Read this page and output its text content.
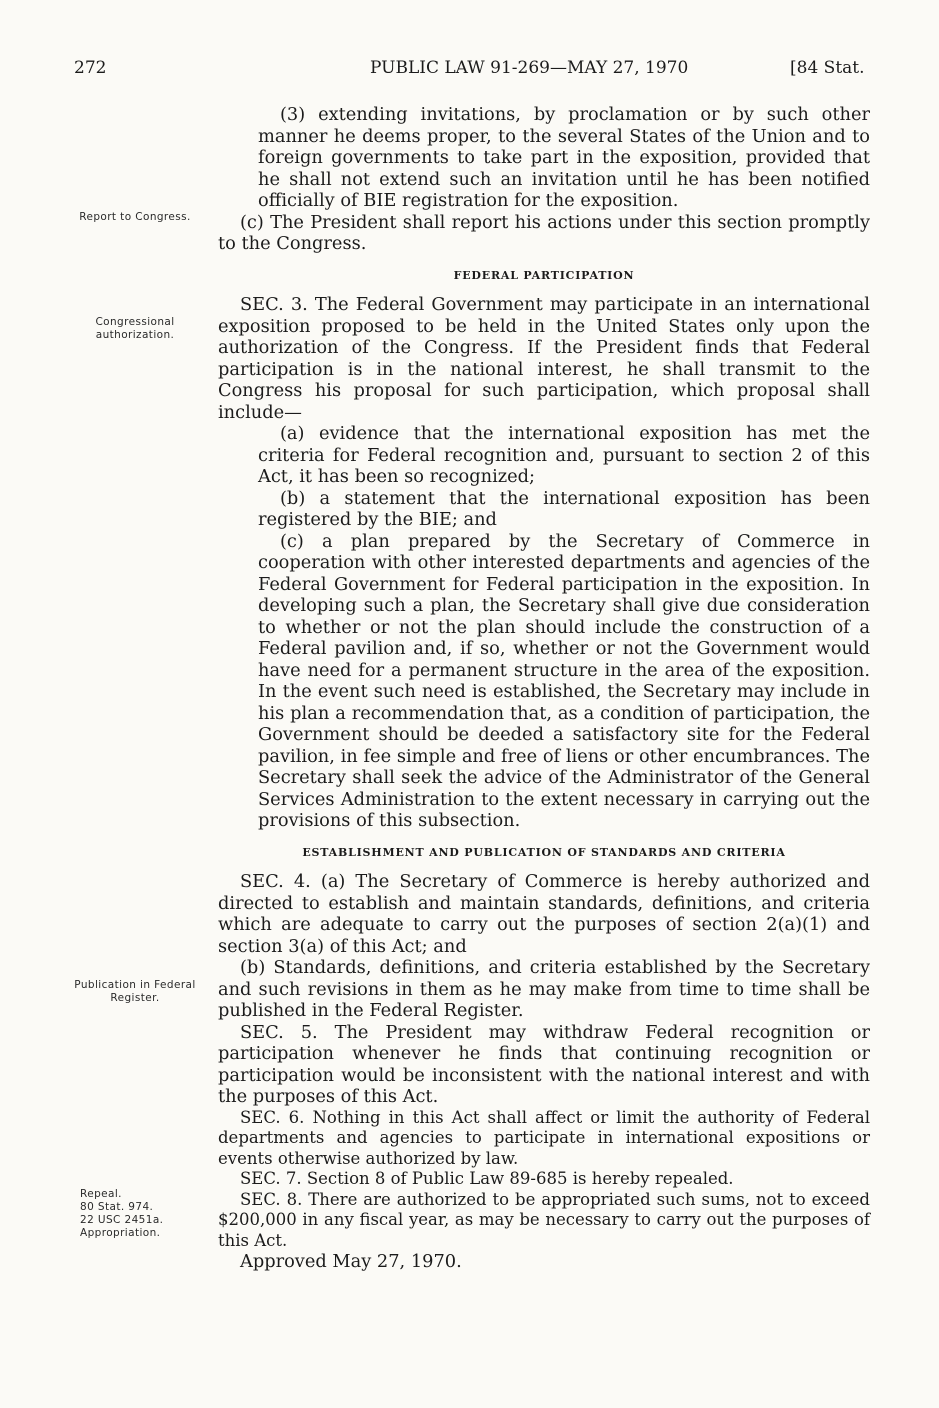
272	PUBLIC LAW 91-269—MAY 27, 1970	[84 Stat.
Report to Congress.
Congressional authorization.
Publication in Federal Register.
Repeal.
80 Stat. 974.
22 USC 2451a.
Appropriation.

(3) extending invitations, by proclamation or by such other manner he deems proper, to the several States of the Union and to foreign governments to take part in the exposition, provided that he shall not extend such an invitation until he has been notified officially of BIE registration for the exposition.

(c) The President shall report his actions under this section promptly to the Congress.

FEDERAL PARTICIPATION

SEC. 3. The Federal Government may participate in an international exposition proposed to be held in the United States only upon the authorization of the Congress. If the President finds that Federal participation is in the national interest, he shall transmit to the Congress his proposal for such participation, which proposal shall include—

(a) evidence that the international exposition has met the criteria for Federal recognition and, pursuant to section 2 of this Act, it has been so recognized;

(b) a statement that the international exposition has been registered by the BIE; and

(c) a plan prepared by the Secretary of Commerce in cooperation with other interested departments and agencies of the Federal Government for Federal participation in the exposition. In developing such a plan, the Secretary shall give due consideration to whether or not the plan should include the construction of a Federal pavilion and, if so, whether or not the Government would have need for a permanent structure in the area of the exposition. In the event such need is established, the Secretary may include in his plan a recommendation that, as a condition of participation, the Government should be deeded a satisfactory site for the Federal pavilion, in fee simple and free of liens or other encumbrances. The Secretary shall seek the advice of the Administrator of the General Services Administration to the extent necessary in carrying out the provisions of this subsection.

ESTABLISHMENT AND PUBLICATION OF STANDARDS AND CRITERIA

SEC. 4. (a) The Secretary of Commerce is hereby authorized and directed to establish and maintain standards, definitions, and criteria which are adequate to carry out the purposes of section 2(a)(1) and section 3(a) of this Act; and

(b) Standards, definitions, and criteria established by the Secretary and such revisions in them as he may make from time to time shall be published in the Federal Register.

SEC. 5. The President may withdraw Federal recognition or participation whenever he finds that continuing recognition or participation would be inconsistent with the national interest and with the purposes of this Act.

SEC. 6. Nothing in this Act shall affect or limit the authority of Federal departments and agencies to participate in international expositions or events otherwise authorized by law.

SEC. 7. Section 8 of Public Law 89-685 is hereby repealed.

SEC. 8. There are authorized to be appropriated such sums, not to exceed $200,000 in any fiscal year, as may be necessary to carry out the purposes of this Act.

Approved May 27, 1970.
